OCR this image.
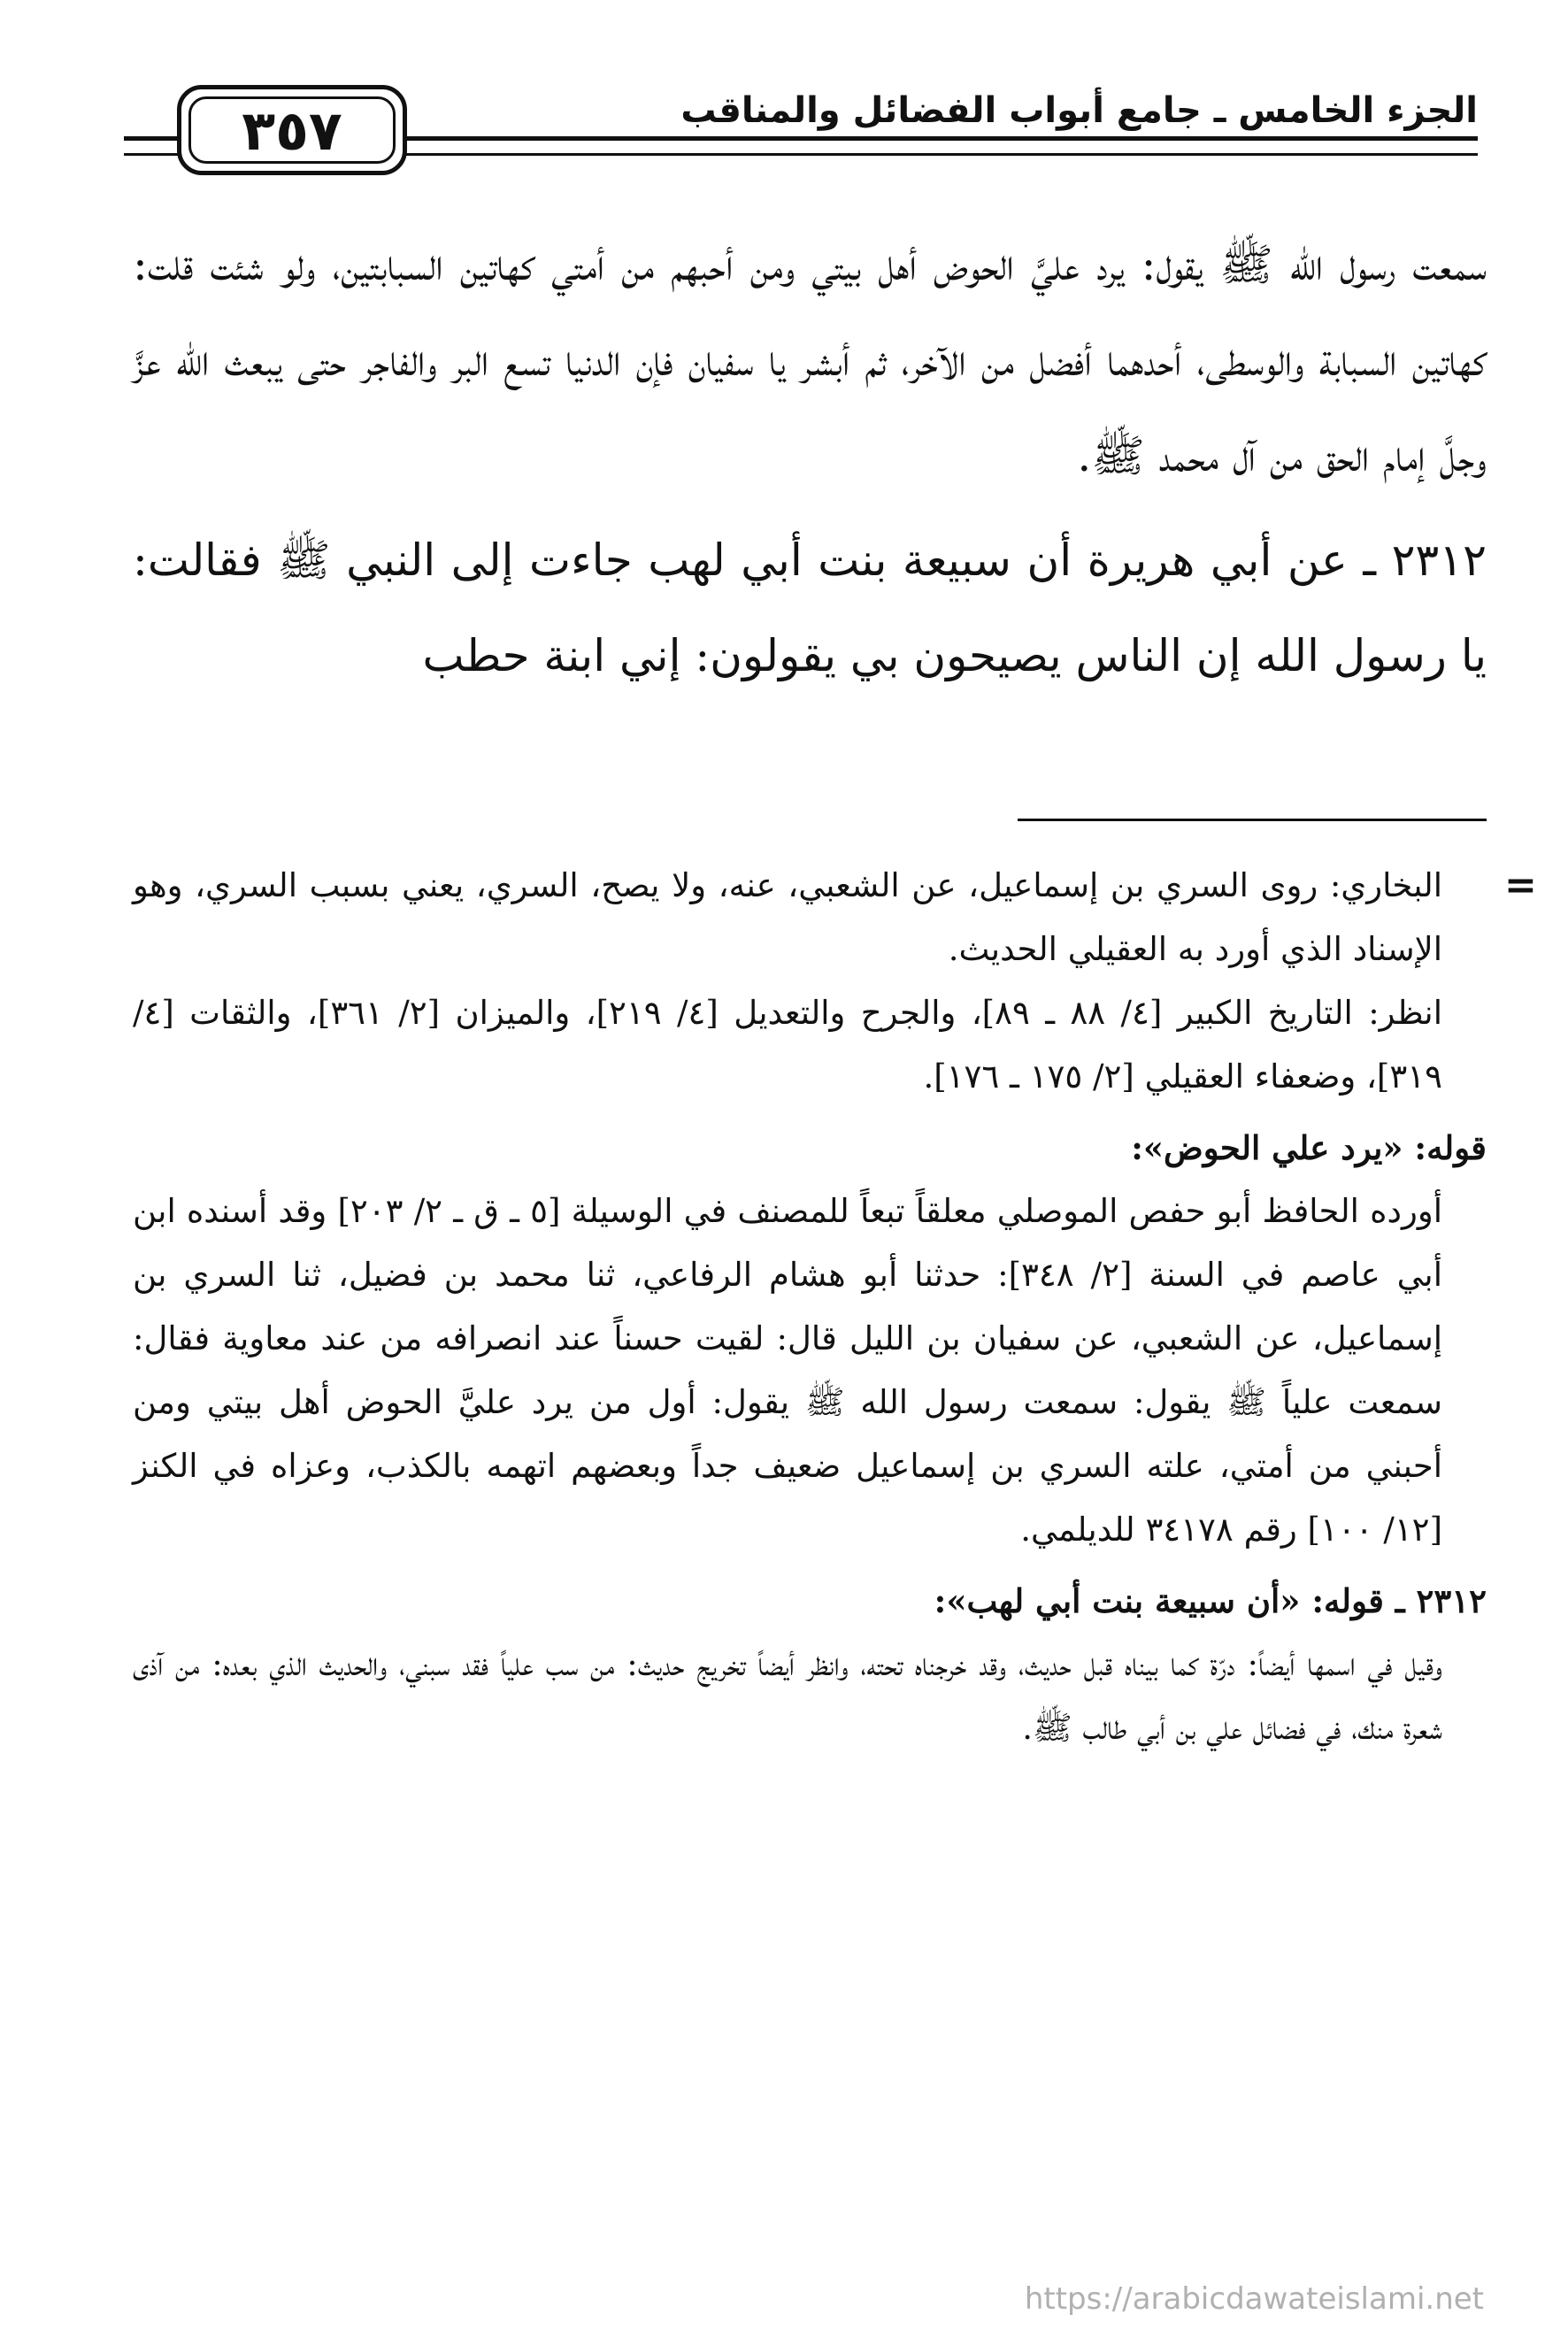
الجزء الخامس ـ جامع أبواب الفضائل والمناقب
٣٥٧

سمعت رسول الله ﷺ يقول: يرد عليَّ الحوض أهل بيتي ومن أحبهم من أمتي كهاتين السبابتين، ولو شئت قلت: كهاتين السبابة والوسطى، أحدهما أفضل من الآخر، ثم أبشر يا سفيان فإن الدنيا تسع البر والفاجر حتى يبعث الله عزَّ وجلَّ إمام الحق من آل محمد ﷺ.

٢٣١٢ ـ عن أبي هريرة أن سبيعة بنت أبي لهب جاءت إلى النبي ﷺ فقالت: يا رسول الله إن الناس يصيحون بي يقولون: إني ابنة حطب

=

البخاري: روى السري بن إسماعيل، عن الشعبي، عنه، ولا يصح، السري، يعني بسبب السري، وهو الإسناد الذي أورد به العقيلي الحديث.

انظر: التاريخ الكبير [٤/ ٨٨ ـ ٨٩]، والجرح والتعديل [٤/ ٢١٩]، والميزان [٢/ ٣٦١]، والثقات [٤/ ٣١٩]، وضعفاء العقيلي [٢/ ١٧٥ ـ ١٧٦].

قوله: «يرد علي الحوض»:

أورده الحافظ أبو حفص الموصلي معلقاً تبعاً للمصنف في الوسيلة [٥ ـ ق ـ ٢/ ٢٠٣] وقد أسنده ابن أبي عاصم في السنة [٢/ ٣٤٨]: حدثنا أبو هشام الرفاعي، ثنا محمد بن فضيل، ثنا السري بن إسماعيل، عن الشعبي، عن سفيان بن الليل قال: لقيت حسناً عند انصرافه من عند معاوية فقال: سمعت علياً ﷺ يقول: سمعت رسول الله ﷺ يقول: أول من يرد عليَّ الحوض أهل بيتي ومن أحبني من أمتي، علته السري بن إسماعيل ضعيف جداً وبعضهم اتهمه بالكذب، وعزاه في الكنز [١٢/ ١٠٠] رقم ٣٤١٧٨ للديلمي.

٢٣١٢ ـ قوله: «أن سبيعة بنت أبي لهب»:

وقيل في اسمها أيضاً: درّة كما بيناه قبل حديث، وقد خرجناه تحته، وانظر أيضاً تخريج حديث: من سب علياً فقد سبني، والحديث الذي بعده: من آذى شعرة منك، في فضائل علي بن أبي طالب ﷺ.

https://arabicdawateislami.net
